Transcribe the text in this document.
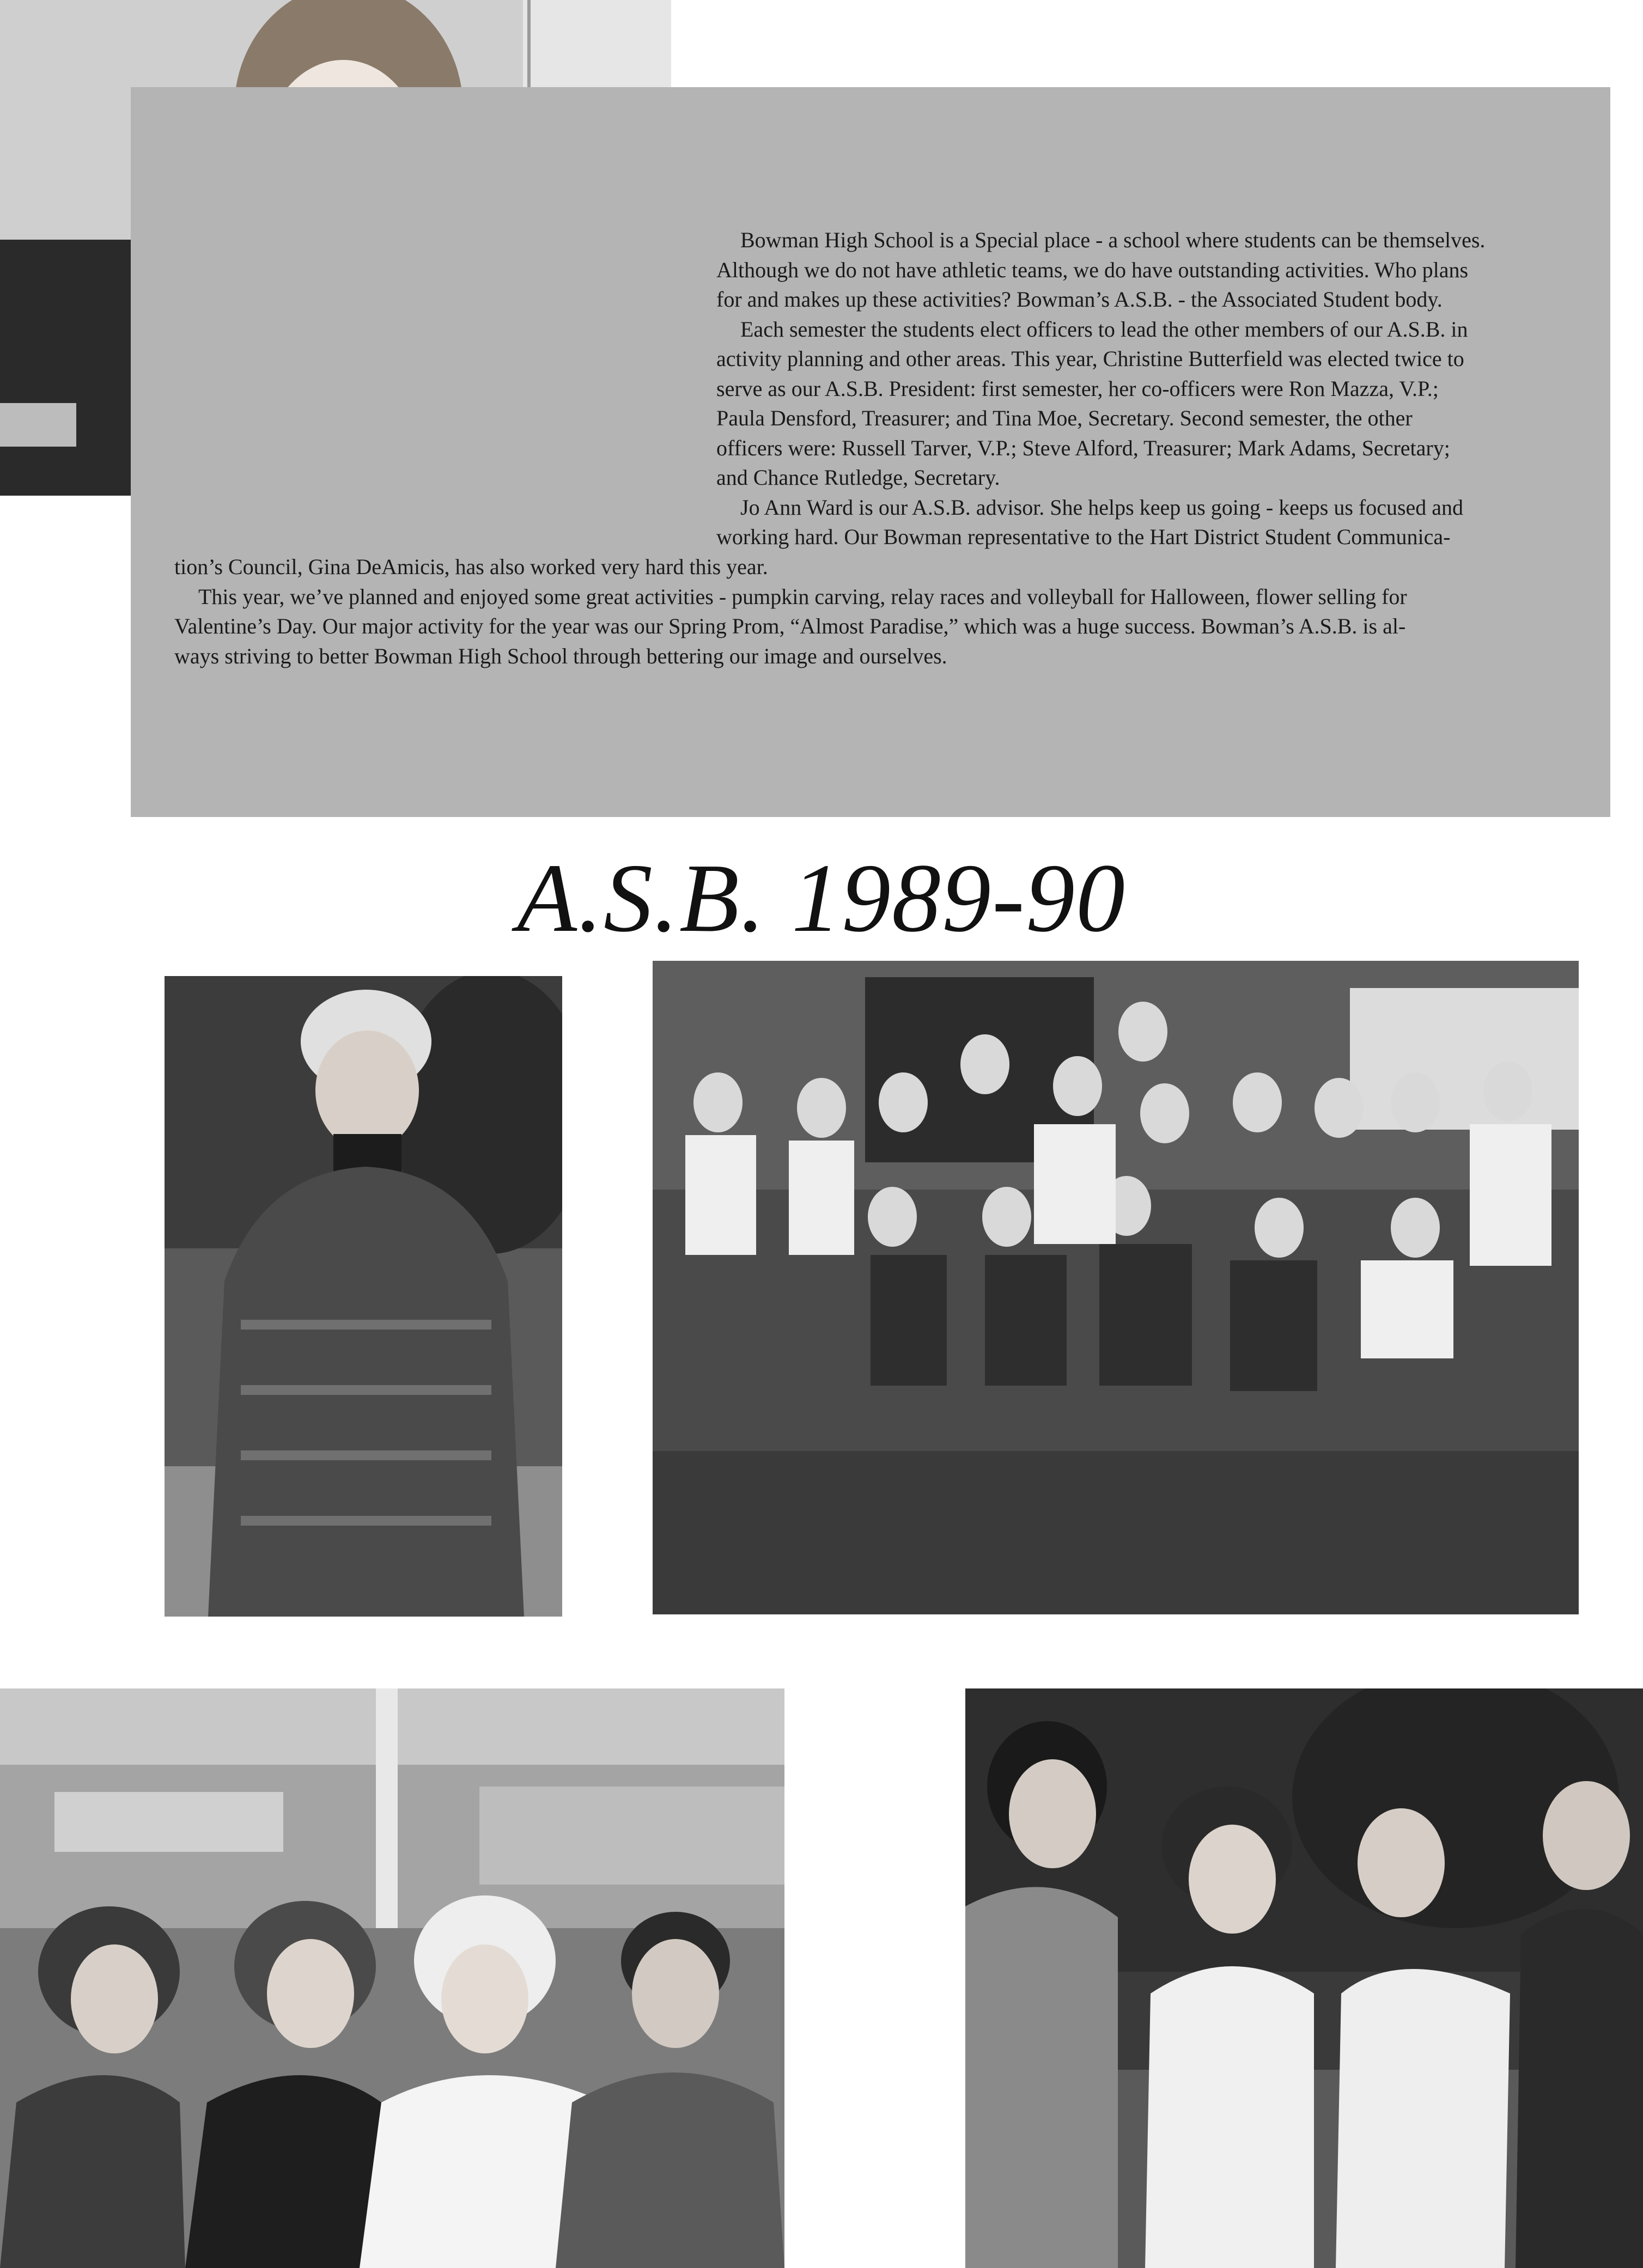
Bowman High School is a Special place - a school where students can be themselves.
Although we do not have athletic teams, we do have outstanding activities. Who plans
for and makes up these activities? Bowman’s A.S.B. - the Associated Student body.
Each semester the students elect officers to lead the other members of our A.S.B. in
activity planning and other areas. This year, Christine Butterfield was elected twice to
serve as our A.S.B. President: first semester, her co-officers were Ron Mazza, V.P.;
Paula Densford, Treasurer; and Tina Moe, Secretary. Second semester, the other
officers were: Russell Tarver, V.P.; Steve Alford, Treasurer; Mark Adams, Secretary;
and Chance Rutledge, Secretary.
Jo Ann Ward is our A.S.B. advisor. She helps keep us going - keeps us focused and
working hard. Our Bowman representative to the Hart District Student Communica-

tion’s Council, Gina DeAmicis, has also worked very hard this year.
This year, we’ve planned and enjoyed some great activities - pumpkin carving, relay races and volleyball for Halloween, flower selling for
Valentine’s Day. Our major activity for the year was our Spring Prom, “Almost Paradise,” which was a huge success. Bowman’s A.S.B. is al-
ways striving to better Bowman High School through bettering our image and ourselves.

A.S.B. 1989-90
